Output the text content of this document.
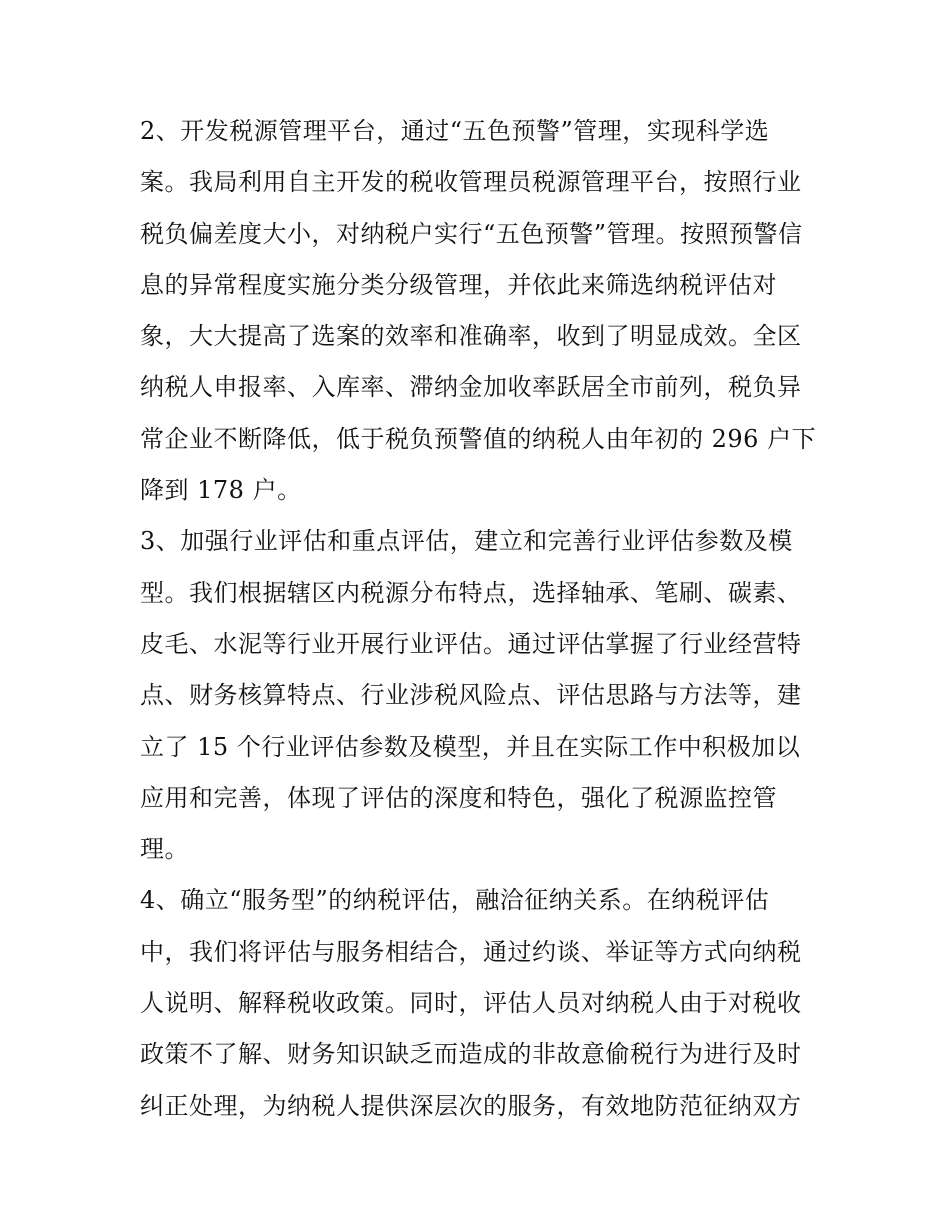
2、开发税源管理平台，通过“五色预警”管理，实现科学选
案。我局利用自主开发的税收管理员税源管理平台，按照行业
税负偏差度大小，对纳税户实行“五色预警”管理。按照预警信
息的异常程度实施分类分级管理，并依此来筛选纳税评估对
象，大大提高了选案的效率和准确率，收到了明显成效。全区
纳税人申报率、入库率、滞纳金加收率跃居全市前列，税负异
常企业不断降低，低于税负预警值的纳税人由年初的 296 户下
降到 178 户。
3、加强行业评估和重点评估，建立和完善行业评估参数及模
型。我们根据辖区内税源分布特点，选择轴承、笔刷、碳素、
皮毛、水泥等行业开展行业评估。通过评估掌握了行业经营特
点、财务核算特点、行业涉税风险点、评估思路与方法等，建
立了 15 个行业评估参数及模型，并且在实际工作中积极加以
应用和完善，体现了评估的深度和特色，强化了税源监控管
理。
4、确立“服务型”的纳税评估，融洽征纳关系。在纳税评估
中，我们将评估与服务相结合，通过约谈、举证等方式向纳税
人说明、解释税收政策。同时，评估人员对纳税人由于对税收
政策不了解、财务知识缺乏而造成的非故意偷税行为进行及时
纠正处理，为纳税人提供深层次的服务，有效地防范征纳双方
